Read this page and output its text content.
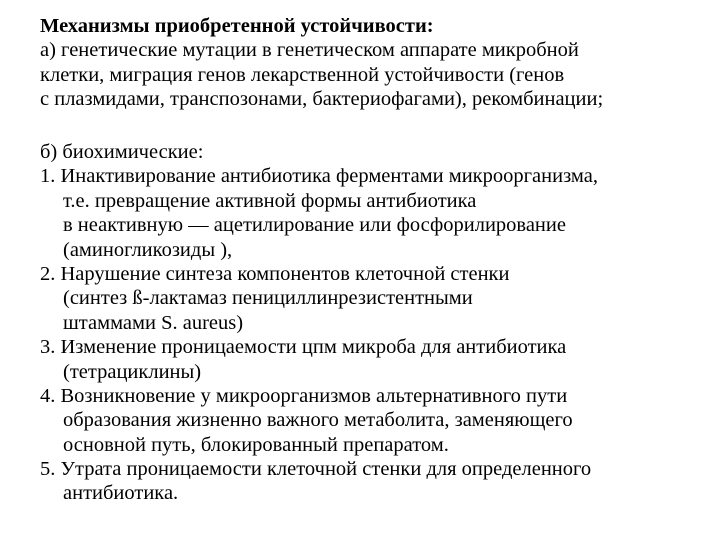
Механизмы приобретенной устойчивости:
а) генетические мутации в генетическом аппарате микробной
клетки, миграция генов лекарственной устойчивости (генов
с плазмидами, транспозонами, бактериофагами), рекомбинации;
б) биохимические:
1. Инактивирование антибиотика ферментами микроорганизма,
т.е. превращение активной формы антибиотика
в неактивную — ацетилирование или фосфорилирование
(аминогликозиды ),
2. Нарушение синтеза компонентов клеточной стенки
(синтез ß-лактамаз пенициллинрезистентными
штаммами S. aureus)
3. Изменение проницаемости цпм микроба для антибиотика
(тетрациклины)
4. Возникновение у микроорганизмов альтернативного пути
образования жизненно важного метаболита, заменяющего
основной путь, блокированный препаратом.
5. Утрата проницаемости клеточной стенки для определенного
антибиотика.
